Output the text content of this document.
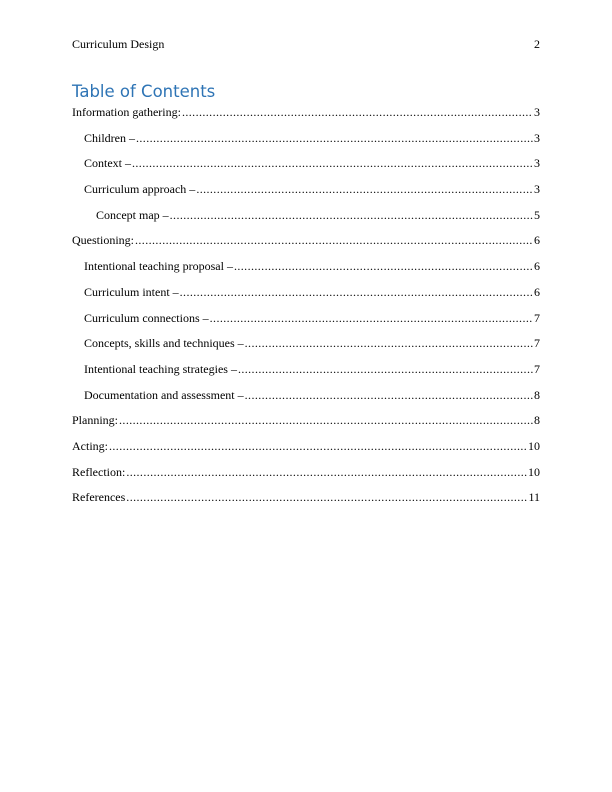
Curriculum Design	2
Table of Contents
Information gathering: .....	3
Children – .....	3
Context – .....	3
Curriculum approach – .....	3
Concept map – .....	5
Questioning: .....	6
Intentional teaching proposal – .....	6
Curriculum intent – .....	6
Curriculum connections – .....	7
Concepts, skills and techniques – .....	7
Intentional teaching strategies – .....	7
Documentation and assessment – .....	8
Planning: .....	8
Acting: .....	10
Reflection: .....	10
References .....	11
